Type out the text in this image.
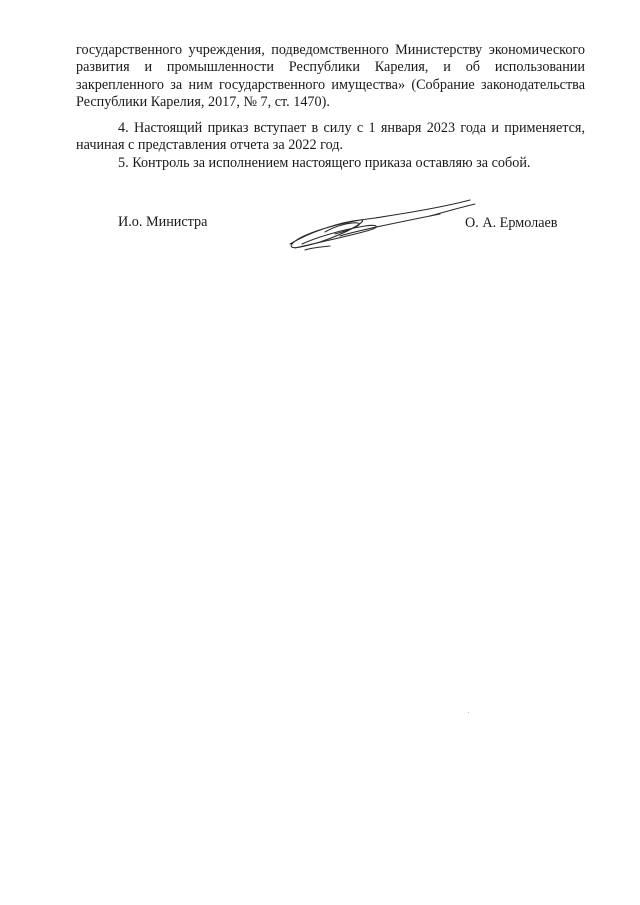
государственного учреждения, подведомственного Министерству экономического развития и промышленности Республики Карелия, и об использовании закрепленного за ним государственного имущества» (Собрание законодательства Республики Карелия, 2017, № 7, ст. 1470).
4. Настоящий приказ вступает в силу с 1 января 2023 года и применяется, начиная с представления отчета за 2022 год.
5. Контроль за исполнением настоящего приказа оставляю за собой.
И.о. Министра	О. А. Ермолаев
